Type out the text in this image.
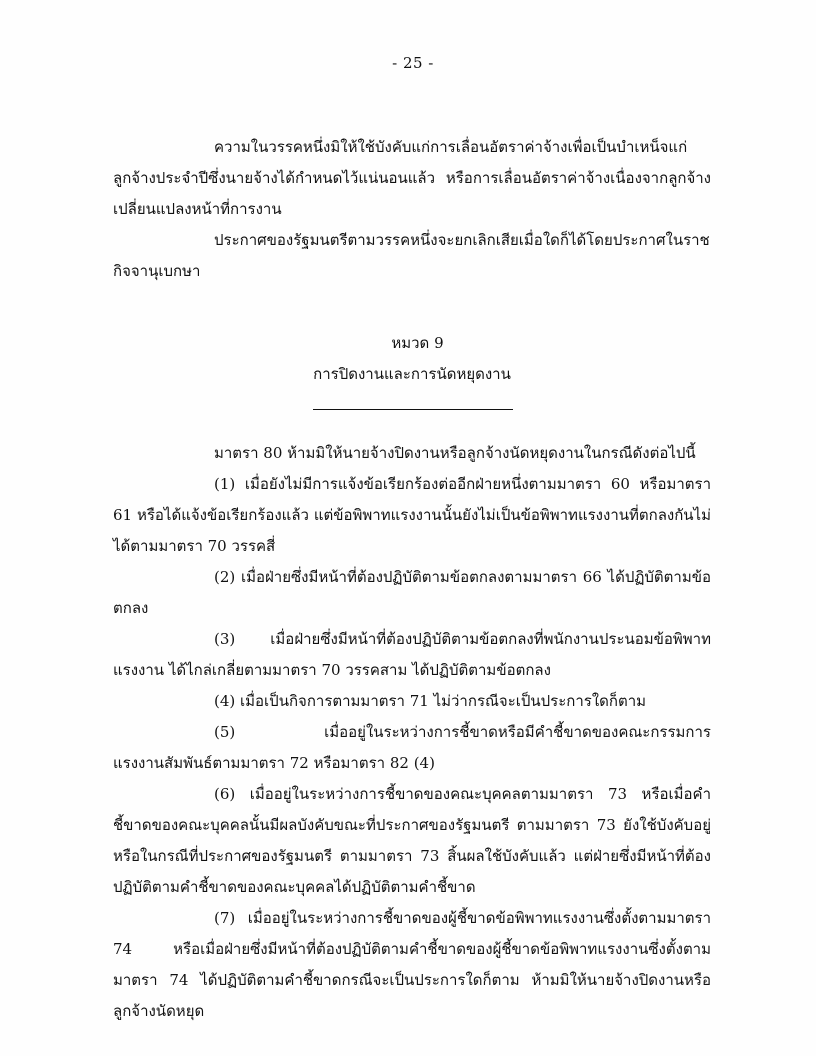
- 25 -

ความในวรรคหนึ่งมิให้ใช้บังคับแก่การเลื่อนอัตราค่าจ้างเพื่อเป็นบำเหน็จแก่ลูกจ้างประจำปีซึ่งนายจ้างได้กำหนดไว้แน่นอนแล้ว หรือการเลื่อนอัตราค่าจ้างเนื่องจากลูกจ้างเปลี่ยนแปลงหน้าที่การงาน

ประกาศของรัฐมนตรีตามวรรคหนึ่งจะยกเลิกเสียเมื่อใดก็ได้โดยประกาศในราชกิจจานุเบกษา

หมวด 9
การปิดงานและการนัดหยุดงาน

มาตรา 80 ห้ามมิให้นายจ้างปิดงานหรือลูกจ้างนัดหยุดงานในกรณีดังต่อไปนี้

(1) เมื่อยังไม่มีการแจ้งข้อเรียกร้องต่ออีกฝ่ายหนึ่งตามมาตรา 60 หรือมาตรา 61 หรือได้แจ้งข้อเรียกร้องแล้ว แต่ข้อพิพาทแรงงานนั้นยังไม่เป็นข้อพิพาทแรงงานที่ตกลงกันไม่ได้ตามมาตรา 70 วรรคสี่

(2) เมื่อฝ่ายซึ่งมีหน้าที่ต้องปฏิบัติตามข้อตกลงตามมาตรา 66 ได้ปฏิบัติตามข้อตกลง

(3) เมื่อฝ่ายซึ่งมีหน้าที่ต้องปฏิบัติตามข้อตกลงที่พนักงานประนอมข้อพิพาทแรงงาน ได้ไกล่เกลี่ยตามมาตรา 70 วรรคสาม ได้ปฏิบัติตามข้อตกลง

(4) เมื่อเป็นกิจการตามมาตรา 71 ไม่ว่ากรณีจะเป็นประการใดก็ตาม

(5) เมื่ออยู่ในระหว่างการชี้ขาดหรือมีคำชี้ขาดของคณะกรรมการแรงงานสัมพันธ์ตามมาตรา 72 หรือมาตรา 82 (4)

(6) เมื่ออยู่ในระหว่างการชี้ขาดของคณะบุคคลตามมาตรา 73 หรือเมื่อคำชี้ขาดของคณะบุคคลนั้นมีผลบังคับขณะที่ประกาศของรัฐมนตรี ตามมาตรา 73 ยังใช้บังคับอยู่หรือในกรณีที่ประกาศของรัฐมนตรี ตามมาตรา 73 สิ้นผลใช้บังคับแล้ว แต่ฝ่ายซึ่งมีหน้าที่ต้องปฏิบัติตามคำชี้ขาดของคณะบุคคลได้ปฏิบัติตามคำชี้ขาด

(7) เมื่ออยู่ในระหว่างการชี้ขาดของผู้ชี้ขาดข้อพิพาทแรงงานซึ่งตั้งตามมาตรา 74 หรือเมื่อฝ่ายซึ่งมีหน้าที่ต้องปฏิบัติตามคำชี้ขาดของผู้ชี้ขาดข้อพิพาทแรงงานซึ่งตั้งตามมาตรา 74 ได้ปฏิบัติตามคำชี้ขาดกรณีจะเป็นประการใดก็ตาม ห้ามมิให้นายจ้างปิดงานหรือลูกจ้างนัดหยุด
